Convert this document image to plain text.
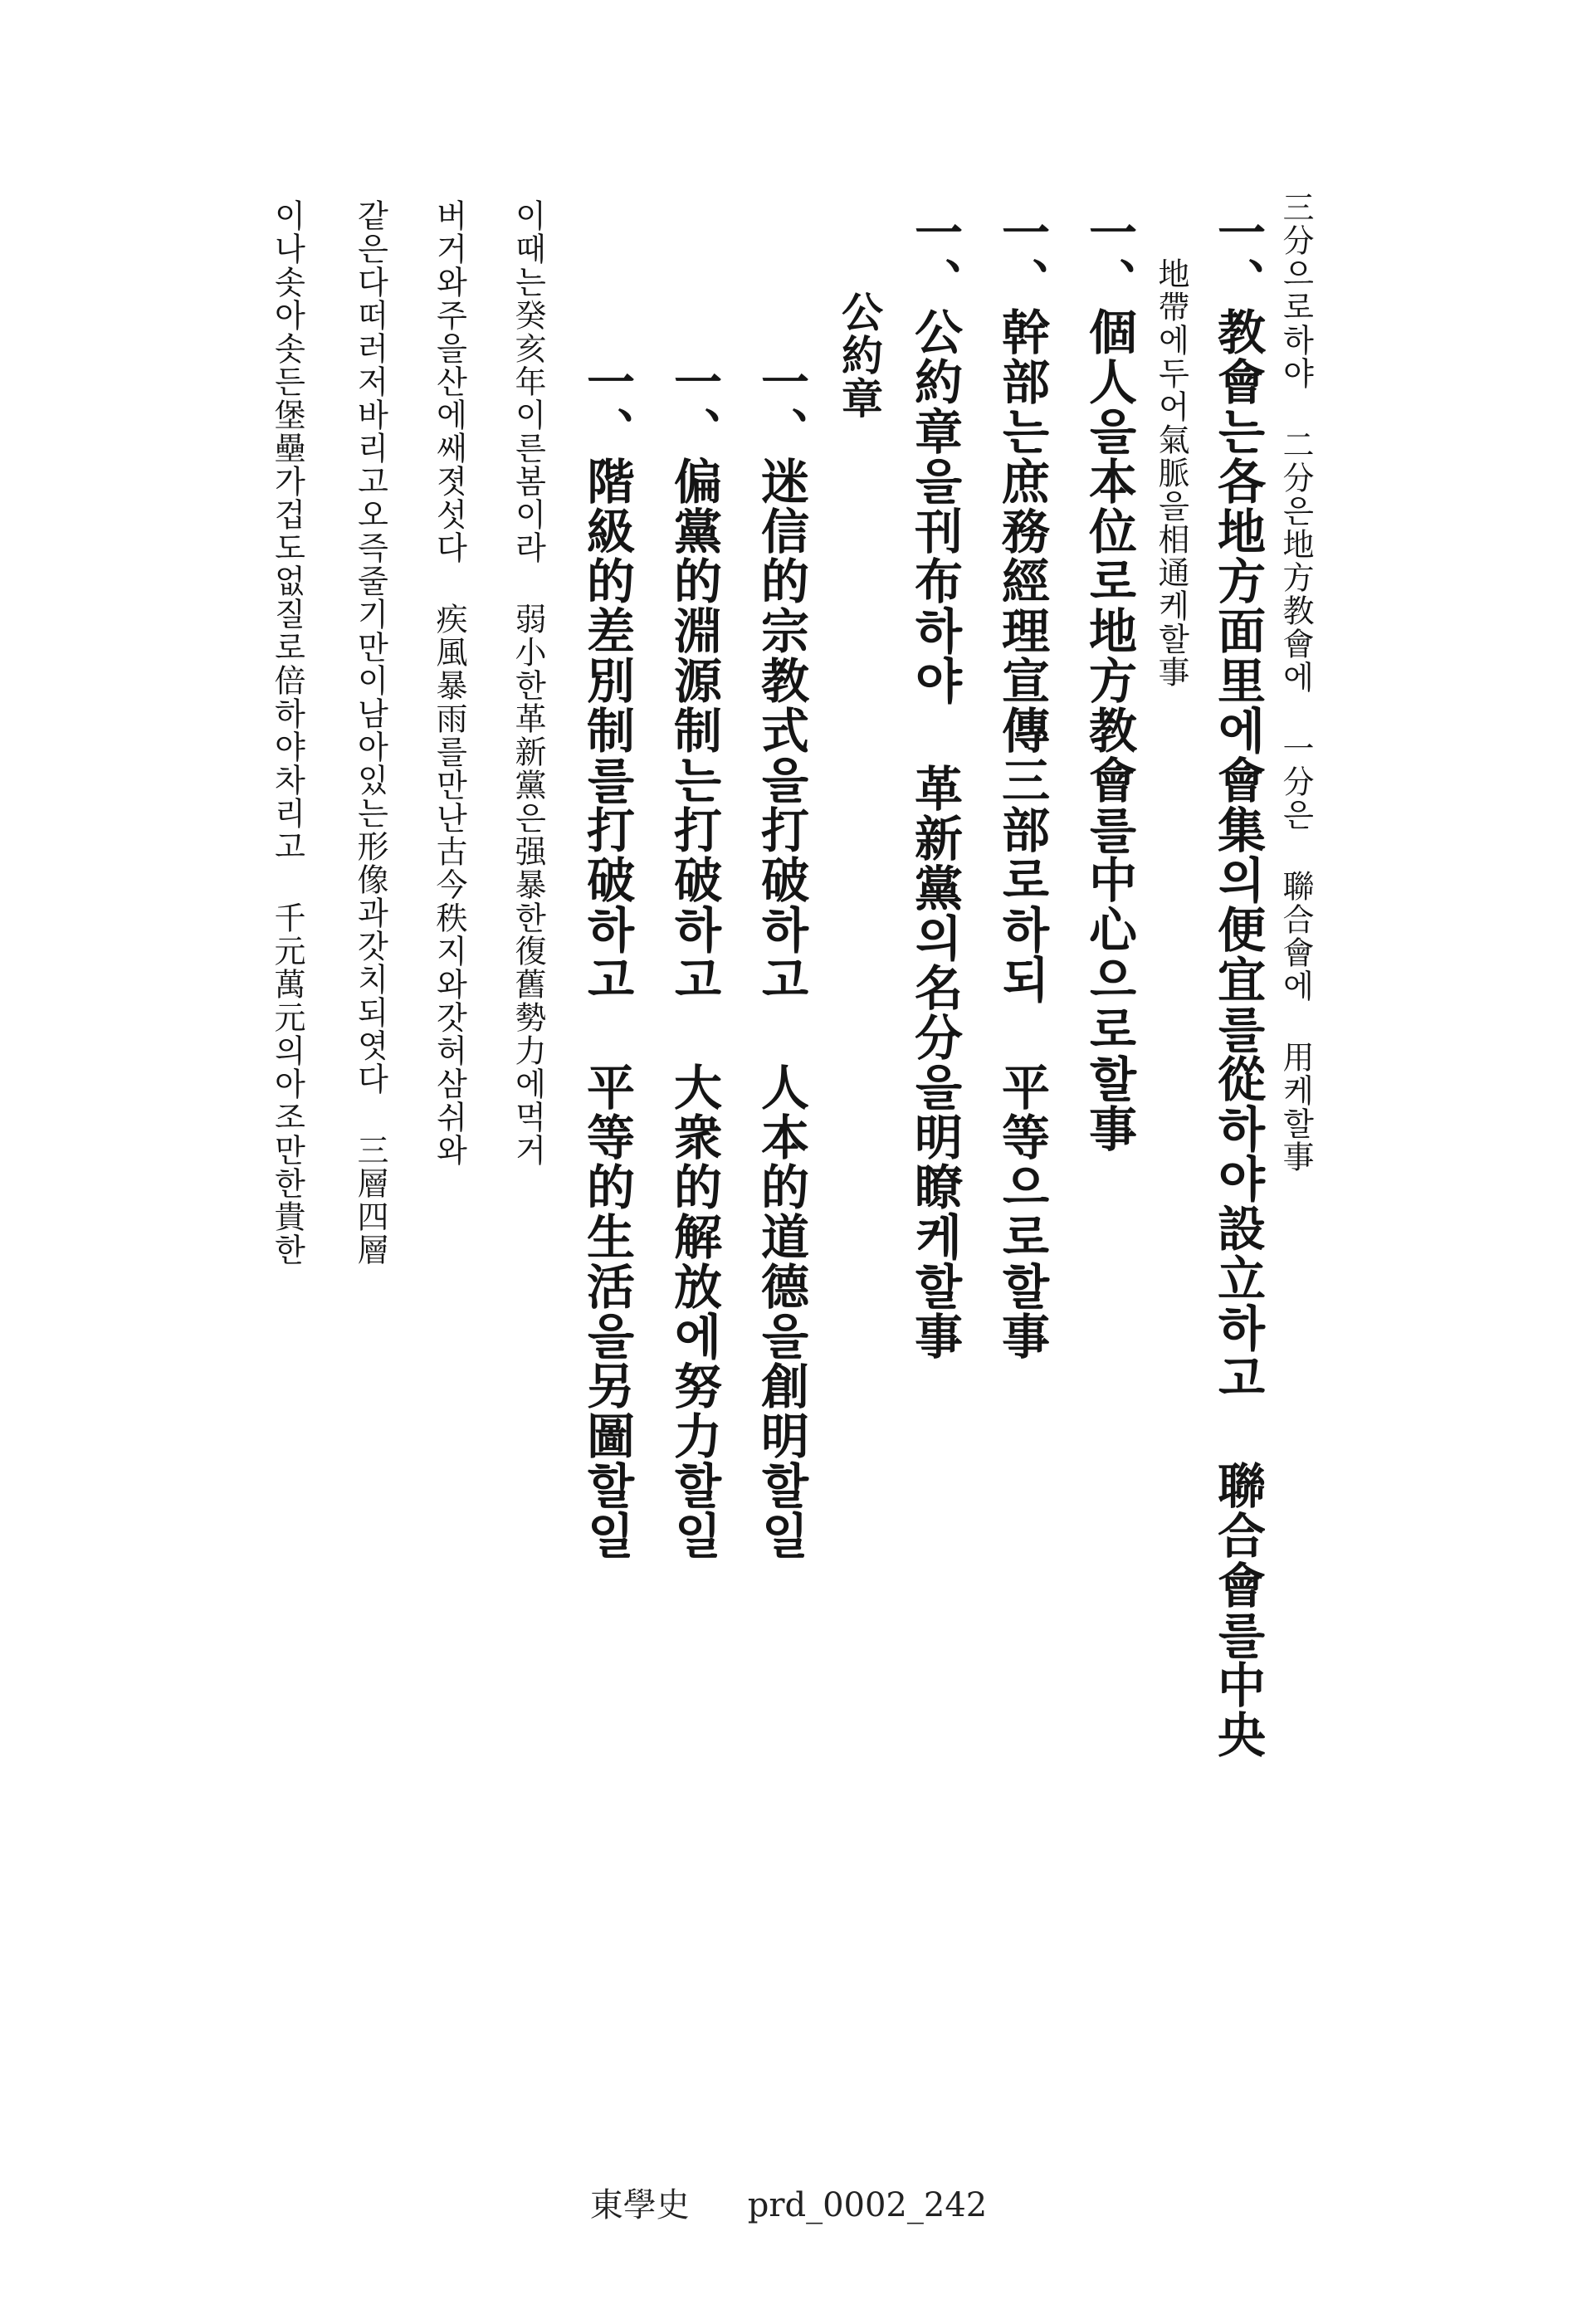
三分으로하야 二分은地方教會에 一分은 聯合會에 用케할事
一、教會는各地方面里에會集의便宜를從하야設立하고 聯合會를中央
地帶에두어氣脈을相通케할事
一、個人을本位로地方教會를中心으로할事
一、幹部는庶務經理宣傳三部로하되 平等으로할事
一、公約章을刊布하야 革新黨의名分을明瞭케할事
公約章
一、迷信的宗教式을打破하고 人本的道德을創明할일
一、偏黨的淵源制는打破하고 大衆的解放에努力할일
一、階級的差別制를打破하고 平等的生活을另圖할일
이때는癸亥年이른봄이라 弱小한革新黨은强暴한復舊勢力에먹거
버거와주을산에쌔졋섯다 疾風暴雨를만난古今秩지와갓허삼쉬와
같은다떠러저바리고오즉줄기만이남아있는形像과갓치되엿다 三層四層
이나솟아솟든堡壘가겁도없질로倍하야차리고 千元萬元의아조만한貴한
東學史 prd_0002_242
